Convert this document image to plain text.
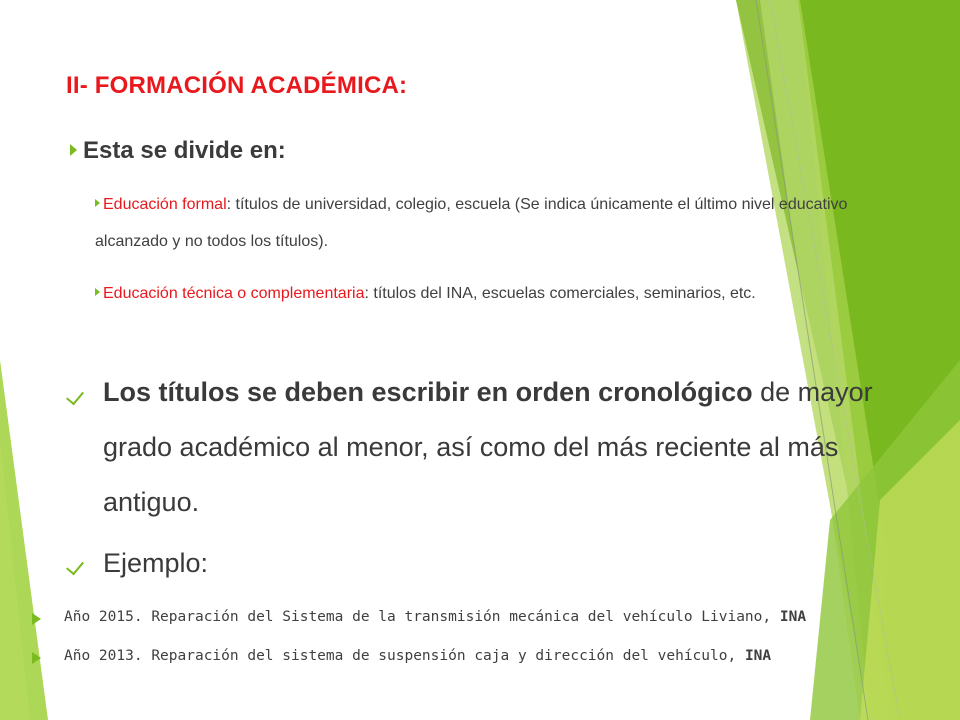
II- FORMACIÓN ACADÉMICA:
Esta se divide en:
Educación formal: títulos de universidad, colegio, escuela (Se indica únicamente el último nivel educativo alcanzado y no todos los títulos).
Educación técnica o complementaria: títulos del INA, escuelas comerciales, seminarios, etc.
Los títulos se deben escribir en orden cronológico de mayor grado académico al menor, así como del más reciente al más antiguo.
Ejemplo:
Año 2015. Reparación del Sistema de la transmisión mecánica del vehículo Liviano, INA
Año 2013. Reparación del sistema de suspensión caja y dirección del vehículo, INA
